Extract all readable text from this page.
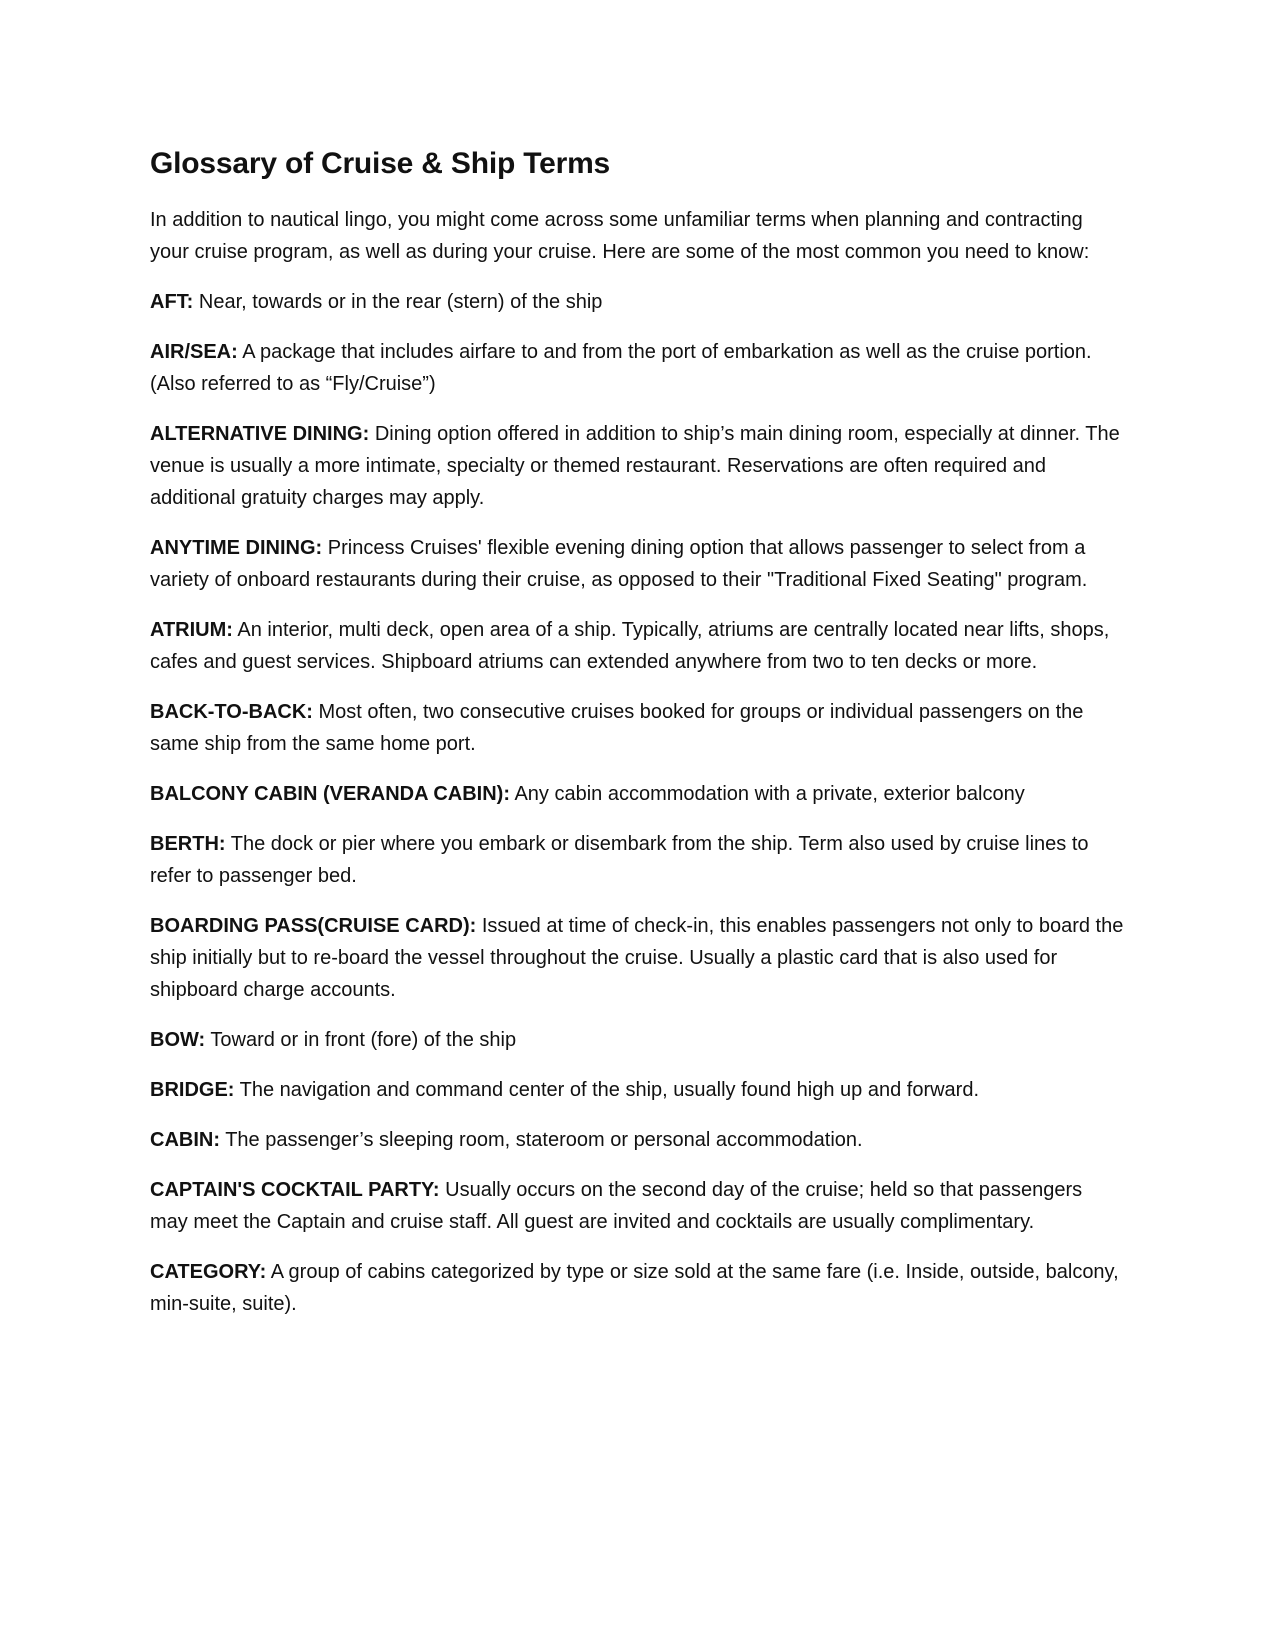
Glossary of Cruise & Ship Terms

In addition to nautical lingo, you might come across some unfamiliar terms when planning and contracting your cruise program, as well as during your cruise. Here are some of the most common you need to know:

AFT: Near, towards or in the rear (stern) of the ship

AIR/SEA: A package that includes airfare to and from the port of embarkation as well as the cruise portion. (Also referred to as “Fly/Cruise”)

ALTERNATIVE DINING: Dining option offered in addition to ship’s main dining room, especially at dinner. The venue is usually a more intimate, specialty or themed restaurant. Reservations are often required and additional gratuity charges may apply.

ANYTIME DINING: Princess Cruises' flexible evening dining option that allows passenger to select from a variety of onboard restaurants during their cruise, as opposed to their "Traditional Fixed Seating" program.

ATRIUM: An interior, multi deck, open area of a ship. Typically, atriums are centrally located near lifts, shops, cafes and guest services. Shipboard atriums can extended anywhere from two to ten decks or more.

BACK-TO-BACK: Most often, two consecutive cruises booked for groups or individual passengers on the same ship from the same home port.

BALCONY CABIN (VERANDA CABIN): Any cabin accommodation with a private, exterior balcony

BERTH: The dock or pier where you embark or disembark from the ship. Term also used by cruise lines to refer to passenger bed.

BOARDING PASS(CRUISE CARD): Issued at time of check-in, this enables passengers not only to board the ship initially but to re-board the vessel throughout the cruise. Usually a plastic card that is also used for shipboard charge accounts.

BOW: Toward or in front (fore) of the ship

BRIDGE: The navigation and command center of the ship, usually found high up and forward.

CABIN: The passenger’s sleeping room, stateroom or personal accommodation.

CAPTAIN'S COCKTAIL PARTY: Usually occurs on the second day of the cruise; held so that passengers may meet the Captain and cruise staff. All guest are invited and cocktails are usually complimentary.

CATEGORY: A group of cabins categorized by type or size sold at the same fare (i.e. Inside, outside, balcony, min-suite, suite).
